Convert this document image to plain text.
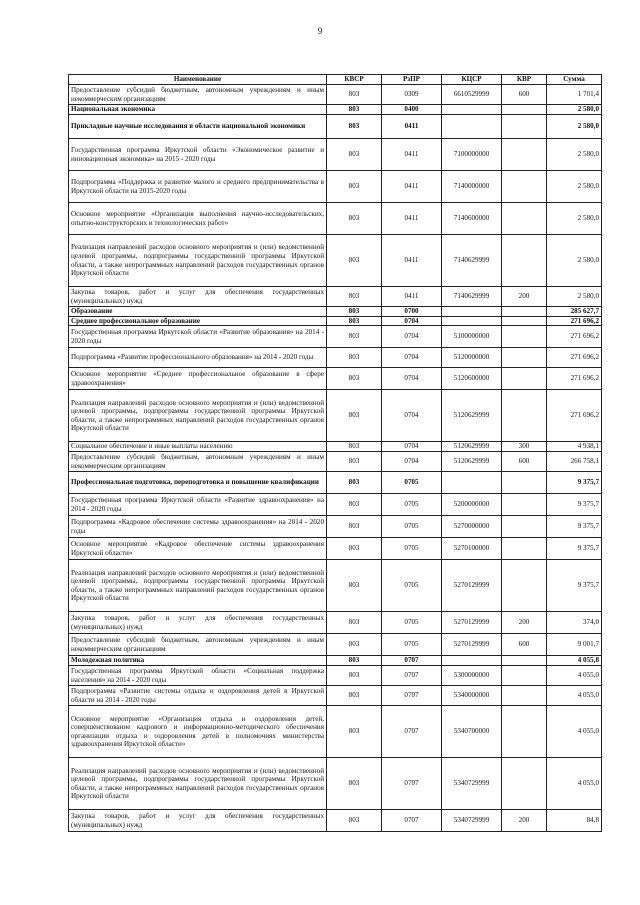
9
Наименование	КВСР	РзПР	КЦСР	КВР	Сумма
Предоставление субсидий бюджетным, автономным учреждениям и иным некоммерческим организациям	803	0309	6610529999	600	1 701,4
Национальная экономика	803	0400			2 580,0
Прикладные научные исследования в области национальной экономики	803	0411			2 580,0
Государственная программа Иркутской области «Экономическое развитие и инновационная экономика» на 2015 - 2020 годы	803	0411	7100000000		2 580,0
Подпрограмма «Поддержка и развитие малого и среднего предпринимательства в Иркутской области на 2015-2020 годы	803	0411	7140000000		2 580,0
Основное мероприятие «Организация выполнения научно-исследовательских, опытно-конструкторских и технологических работ»	803	0411	7140600000		2 580,0
Реализация направлений расходов основного мероприятия и (или) ведомственной целевой программы, подпрограммы государственной программы Иркутской области, а также непрограммных направлений расходов государственных органов Иркутской области	803	0411	7140629999		2 580,0
Закупка товаров, работ и услуг для обеспечения государственных (муниципальных) нужд	803	0411	7140629999	200	2 580,0
Образование	803	0700			285 627,7
Среднее профессиональное образование	803	0704			271 696,2
Государственная программа Иркутской области «Развитие образования» на 2014 - 2020 годы	803	0704	5100000000		271 696,2
Подпрограмма «Развитие профессионального образования» на 2014 - 2020 годы	803	0704	5120000000		271 696,2
Основное мероприятие «Среднее профессиональное образование в сфере здравоохранения»	803	0704	5120600000		271 696,2
Реализация направлений расходов основного мероприятия и (или) ведомственной целевой программы, подпрограммы государственной программы Иркутской области, а также непрограммных направлений расходов государственных органов Иркутской области	803	0704	5120629999		271 696,2
Социальное обеспечение и иные выплаты населению	803	0704	5120629999	300	4 938,1
Предоставление субсидий бюджетным, автономным учреждениям и иным некоммерческим организациям	803	0704	5120629999	600	266 758,1
Профессиональная подготовка, переподготовка и повышение квалификации	803	0705			9 375,7
Государственная программа Иркутской области «Развитие здравоохранения» на 2014 - 2020 годы	803	0705	5200000000		9 375,7
Подпрограмма «Кадровое обеспечение системы здравоохранения» на 2014 - 2020 годы	803	0705	5270000000		9 375,7
Основное мероприятие «Кадровое обеспечение системы здравоохранения Иркутской области»	803	0705	5270100000		9 375,7
Реализация направлений расходов основного мероприятия и (или) ведомственной целевой программы, подпрограммы государственной программы Иркутской области, а также непрограммных направлений расходов государственных органов Иркутской области	803	0705	5270129999		9 375,7
Закупка товаров, работ и услуг для обеспечения государственных (муниципальных) нужд	803	0705	5270129999	200	374,0
Предоставление субсидий бюджетным, автономным учреждениям и иным некоммерческим организациям	803	0705	5270129999	600	9 001,7
Молодежная политика	803	0707			4 055,8
Государственная программа Иркутской области «Социальная поддержка населения» на 2014 - 2020 годы	803	0707	5300000000		4 055,0
Подпрограмма «Развитие системы отдыха и оздоровления детей в Иркутской области на 2014 - 2020 годы	803	0707	5340000000		4 055,0
Основное мероприятие «Организация отдыха и оздоровления детей, совершенствование кадрового и информационно-методического обеспечения организации отдыха и оздоровления детей в полномочиях министерства здравоохранения Иркутской области»	803	0707	5340700000		4 055,0
Реализация направлений расходов основного мероприятия и (или) ведомственной целевой программы, подпрограммы государственной программы Иркутской области, а также непрограммных направлений расходов государственных органов Иркутской области	803	0707	5340729999		4 055,0
Закупка товаров, работ и услуг для обеспечения государственных (муниципальных) нужд	803	0707	5340729999	200	84,8
